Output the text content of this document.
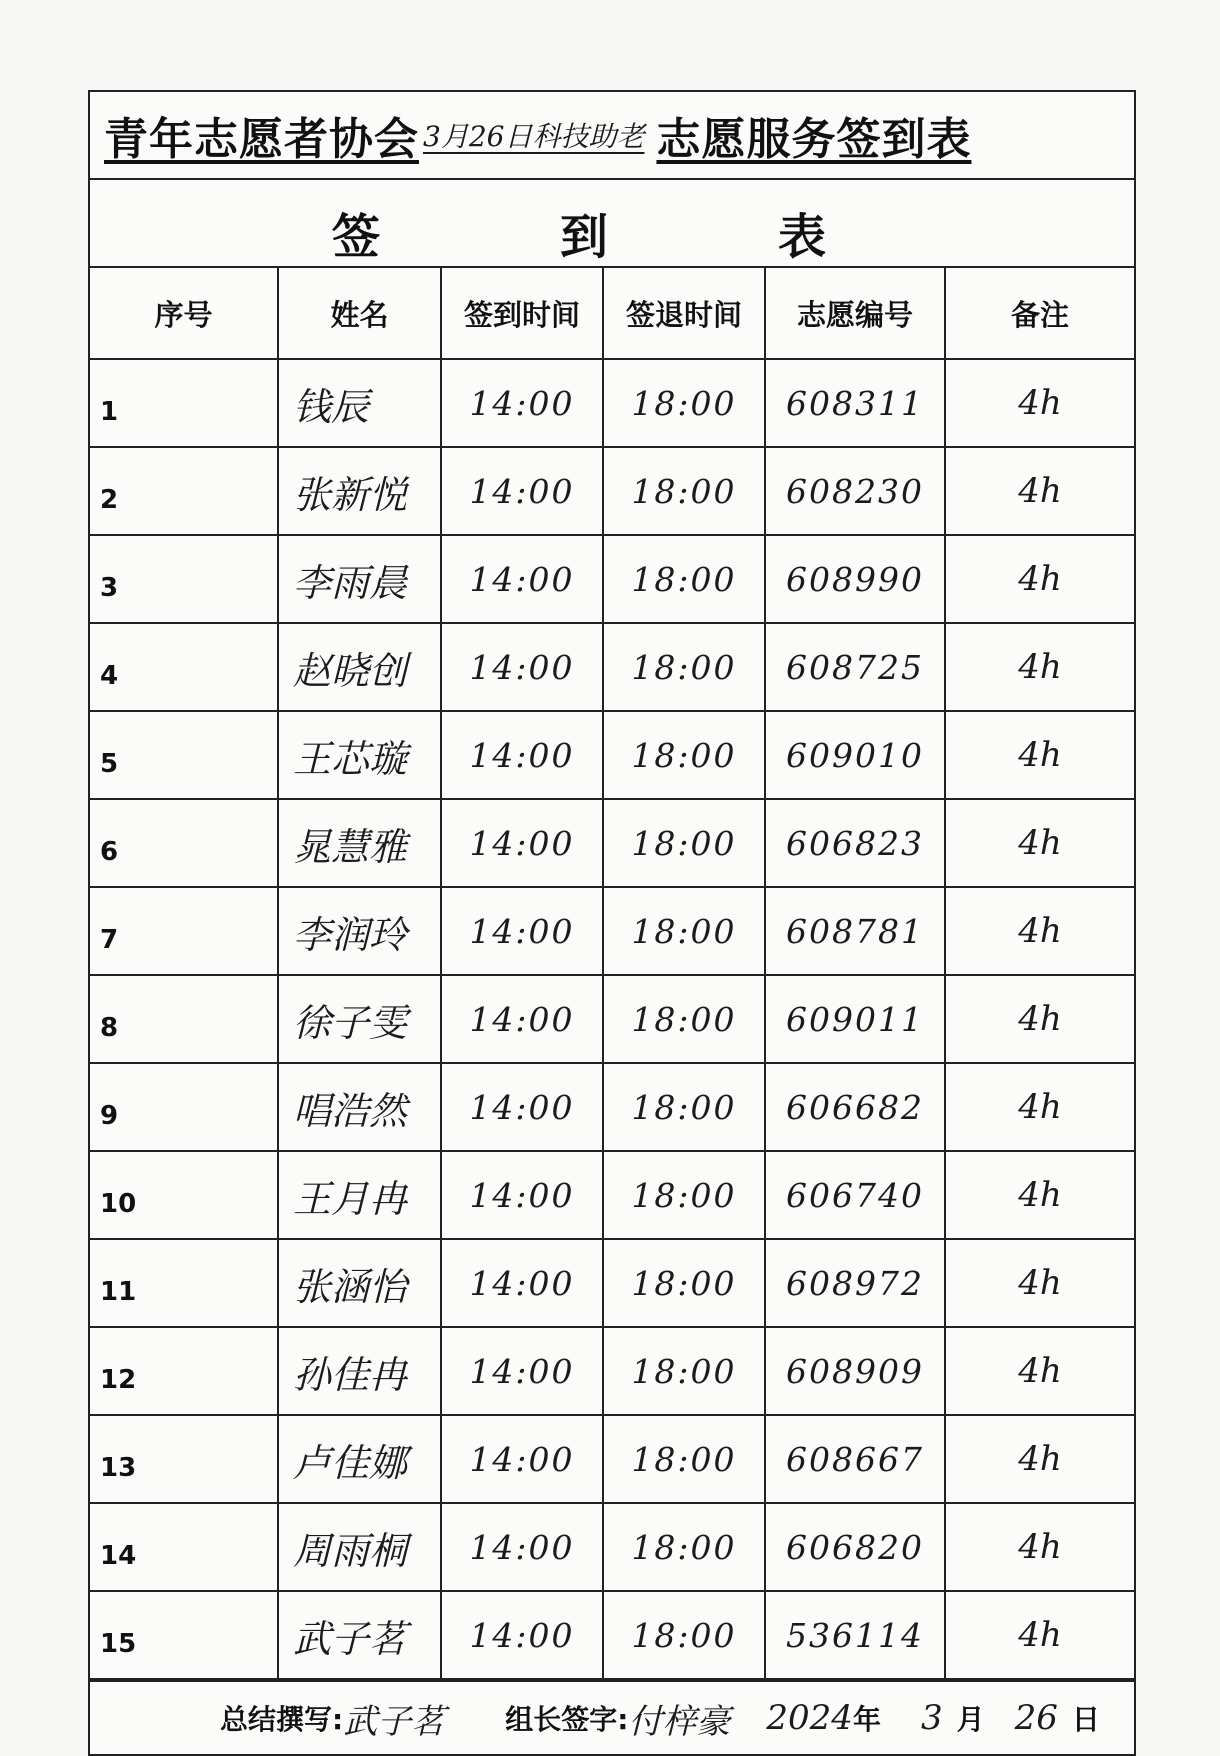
青年志愿者协会 3月26日科技助老 志愿服务签到表
签	到	表
序号	姓名	签到时间	签退时间	志愿编号	备注
1	钱辰	14:00	18:00	608311	4h
2	张新悦	14:00	18:00	608230	4h
3	李雨晨	14:00	18:00	608990	4h
4	赵晓创	14:00	18:00	608725	4h
5	王芯璇	14:00	18:00	609010	4h
6	晁慧雅	14:00	18:00	606823	4h
7	李润玲	14:00	18:00	608781	4h
8	徐子雯	14:00	18:00	609011	4h
9	唱浩然	14:00	18:00	606682	4h
10	王月冉	14:00	18:00	606740	4h
11	张涵怡	14:00	18:00	608972	4h
12	孙佳冉	14:00	18:00	608909	4h
13	卢佳娜	14:00	18:00	608667	4h
14	周雨桐	14:00	18:00	606820	4h
15	武子茗	14:00	18:00	536114	4h
总结撰写: 武子茗 组长签字: 付梓豪 2024 年 3 月 26 日
